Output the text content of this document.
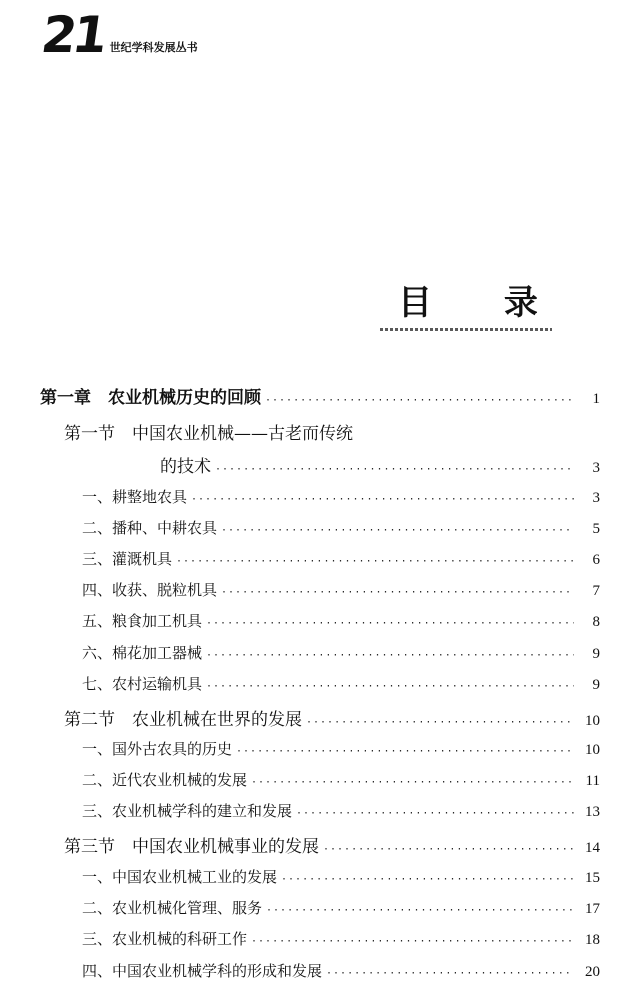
21 世纪学科发展丛书
目 录
第一章　农业机械历史的回顾 ·····	1
第一节　中国农业机械——古老而传统
的技术 ·····	3
一、耕整地农具 ·····	3
二、播种、中耕农具 ·····	5
三、灌溉机具 ·····	6
四、收获、脱粒机具 ·····	7
五、粮食加工机具 ·····	8
六、棉花加工器械 ·····	9
七、农村运输机具 ·····	9
第二节　农业机械在世界的发展 ·····	10
一、国外古农具的历史 ·····	10
二、近代农业机械的发展 ·····	11
三、农业机械学科的建立和发展 ·····	13
第三节　中国农业机械事业的发展 ·····	14
一、中国农业机械工业的发展 ·····	15
二、农业机械化管理、服务 ·····	17
三、农业机械的科研工作 ·····	18
四、中国农业机械学科的形成和发展 ·····	20
